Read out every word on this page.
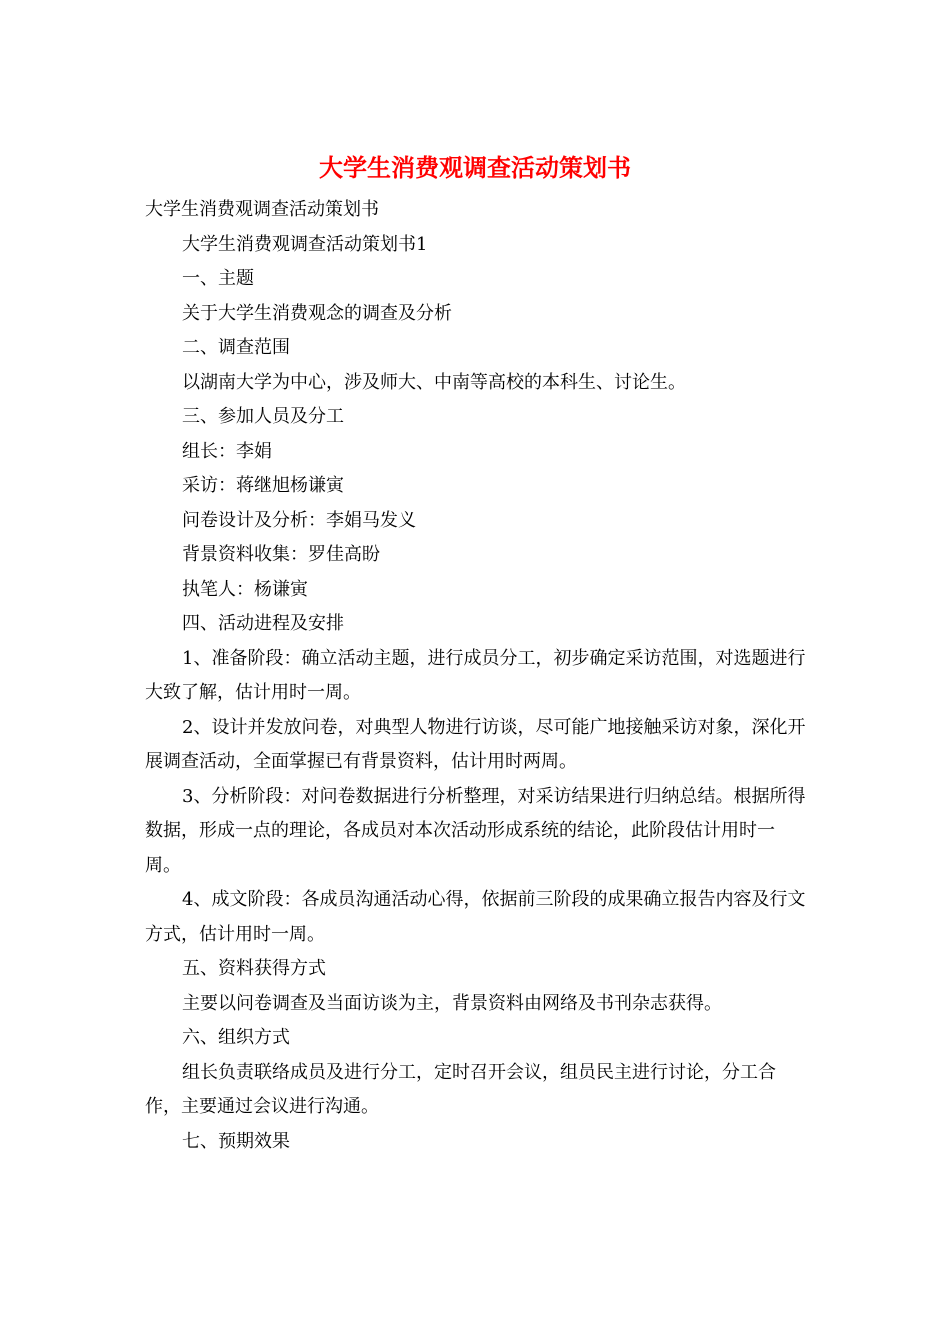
大学生消费观调查活动策划书

大学生消费观调查活动策划书

大学生消费观调查活动策划书1

一、主题

关于大学生消费观念的调查及分析

二、调查范围

以湖南大学为中心，涉及师大、中南等高校的本科生、讨论生。

三、参加人员及分工

组长：李娟

采访：蒋继旭杨谦寅

问卷设计及分析：李娟马发义

背景资料收集：罗佳高盼

执笔人：杨谦寅

四、活动进程及安排

1、准备阶段：确立活动主题，进行成员分工，初步确定采访范围，对选题进行大致了解，估计用时一周。

2、设计并发放问卷，对典型人物进行访谈，尽可能广地接触采访对象，深化开展调查活动，全面掌握已有背景资料，估计用时两周。

3、分析阶段：对问卷数据进行分析整理，对采访结果进行归纳总结。根据所得数据，形成一点的理论，各成员对本次活动形成系统的结论，此阶段估计用时一周。

4、成文阶段：各成员沟通活动心得，依据前三阶段的成果确立报告内容及行文方式，估计用时一周。

五、资料获得方式

主要以问卷调查及当面访谈为主，背景资料由网络及书刊杂志获得。

六、组织方式

组长负责联络成员及进行分工，定时召开会议，组员民主进行讨论，分工合作，主要通过会议进行沟通。

七、预期效果
